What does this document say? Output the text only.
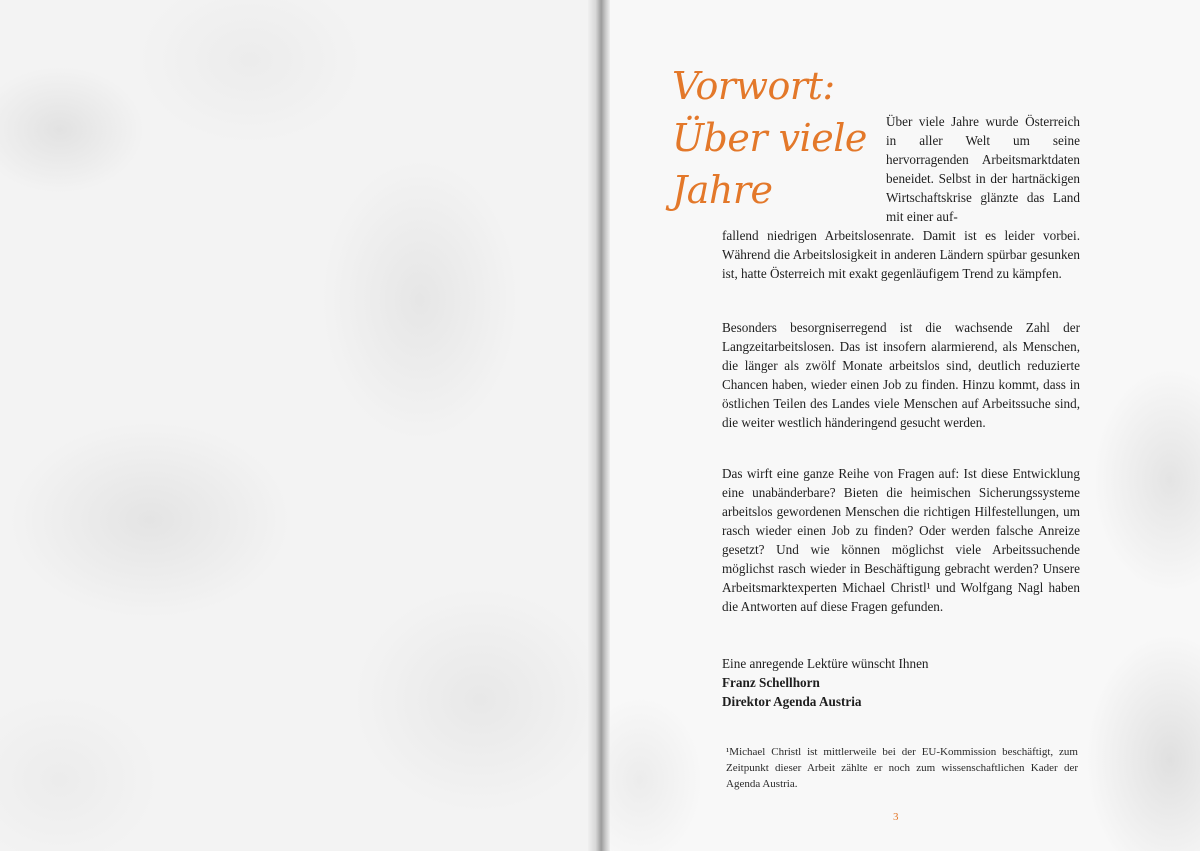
Vorwort:
Über viele
Jahre

Über viele Jahre wurde Österreich in aller Welt um seine hervorragenden Arbeitsmarktdaten beneidet. Selbst in der hartnäckigen Wirtschaftskrise glänzte das Land mit einer auf-

fallend niedrigen Arbeitslosenrate. Damit ist es leider vorbei. Während die Arbeitslosigkeit in anderen Ländern spürbar gesunken ist, hatte Österreich mit exakt gegenläufigem Trend zu kämpfen.

Besonders besorgniserregend ist die wachsende Zahl der Langzeitarbeitslosen. Das ist insofern alarmierend, als Menschen, die länger als zwölf Monate arbeitslos sind, deutlich reduzierte Chancen haben, wieder einen Job zu finden. Hinzu kommt, dass in östlichen Teilen des Landes viele Menschen auf Arbeitssuche sind, die weiter westlich händeringend gesucht werden.

Das wirft eine ganze Reihe von Fragen auf: Ist diese Entwicklung eine unabänderbare? Bieten die heimischen Sicherungssysteme arbeitslos gewordenen Menschen die richtigen Hilfestellungen, um rasch wieder einen Job zu finden? Oder werden falsche Anreize gesetzt? Und wie können möglichst viele Arbeitssuchende möglichst rasch wieder in Beschäftigung gebracht werden? Unsere Arbeitsmarktexperten Michael Christl¹ und Wolfgang Nagl haben die Antworten auf diese Fragen gefunden.

Eine anregende Lektüre wünscht Ihnen
Franz Schellhorn
Direktor Agenda Austria

¹Michael Christl ist mittlerweile bei der EU-Kommission beschäftigt, zum Zeitpunkt dieser Arbeit zählte er noch zum wissenschaftlichen Kader der Agenda Austria.

3
